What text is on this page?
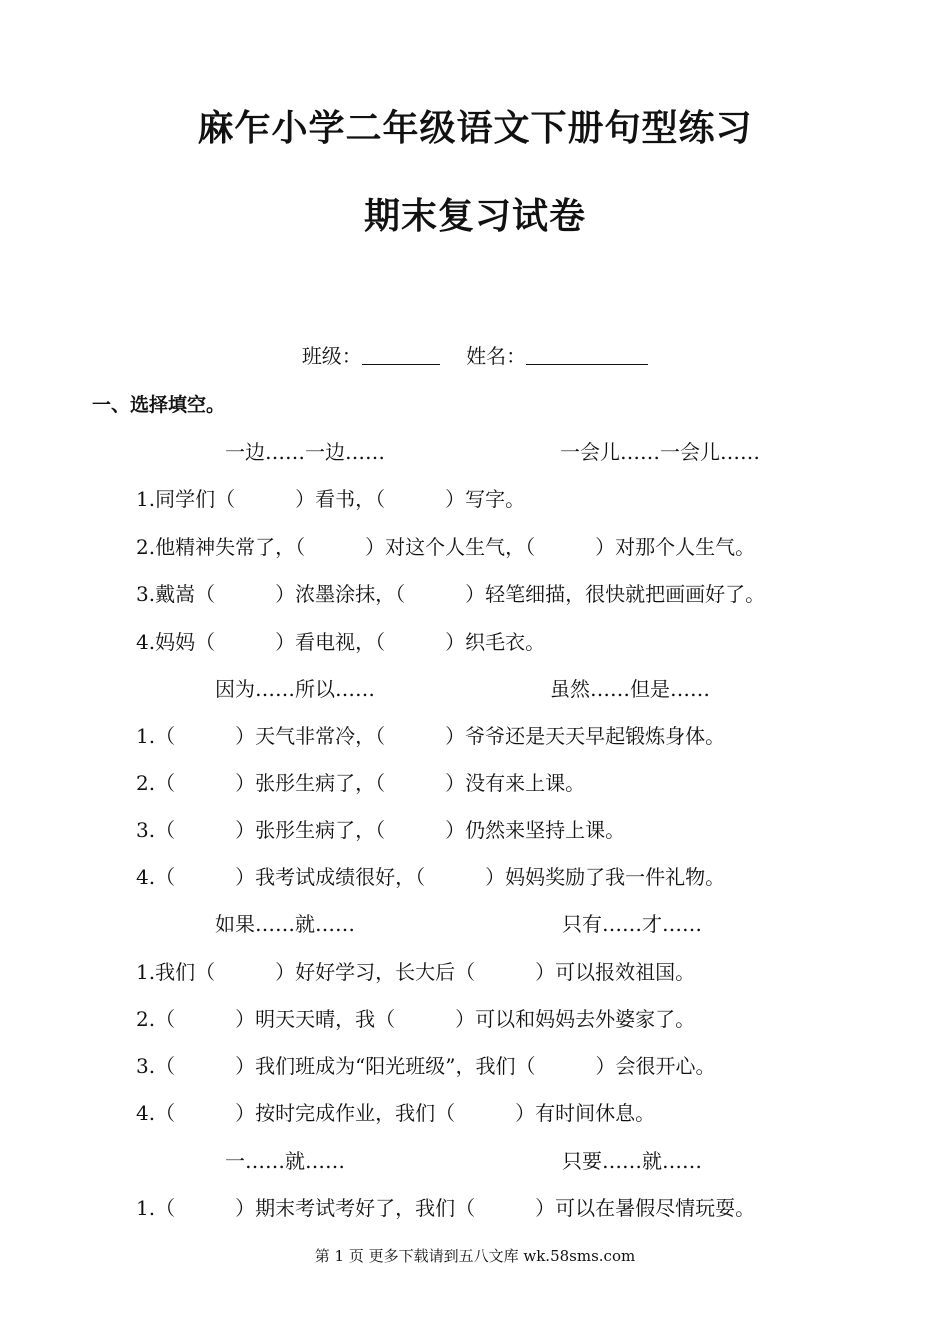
麻乍小学二年级语文下册句型练习
期末复习试卷
班级：	姓名：
一、选择填空。
一边……一边……	一会儿……一会儿……
1.同学们（　　　）看书，（　　　）写字。
2.他精神失常了，（　　　）对这个人生气，（　　　）对那个人生气。
3.戴嵩（　　　）浓墨涂抹，（　　　）轻笔细描，很快就把画画好了。
4.妈妈（　　　）看电视，（　　　）织毛衣。
因为……所以……	虽然……但是……
1.（　　　）天气非常冷，（　　　）爷爷还是天天早起锻炼身体。
2.（　　　）张彤生病了，（　　　）没有来上课。
3.（　　　）张彤生病了，（　　　）仍然来坚持上课。
4.（　　　）我考试成绩很好，（　　　）妈妈奖励了我一件礼物。
如果……就……	只有……才……
1.我们（　　　）好好学习，长大后（　　　）可以报效祖国。
2.（　　　）明天天晴，我（　　　）可以和妈妈去外婆家了。
3.（　　　）我们班成为“阳光班级”，我们（　　　）会很开心。
4.（　　　）按时完成作业，我们（　　　）有时间休息。
一……就……	只要……就……
1.（　　　）期末考试考好了，我们（　　　）可以在暑假尽情玩耍。
第 1 页 更多下载请到五八文库 wk.58sms.com
